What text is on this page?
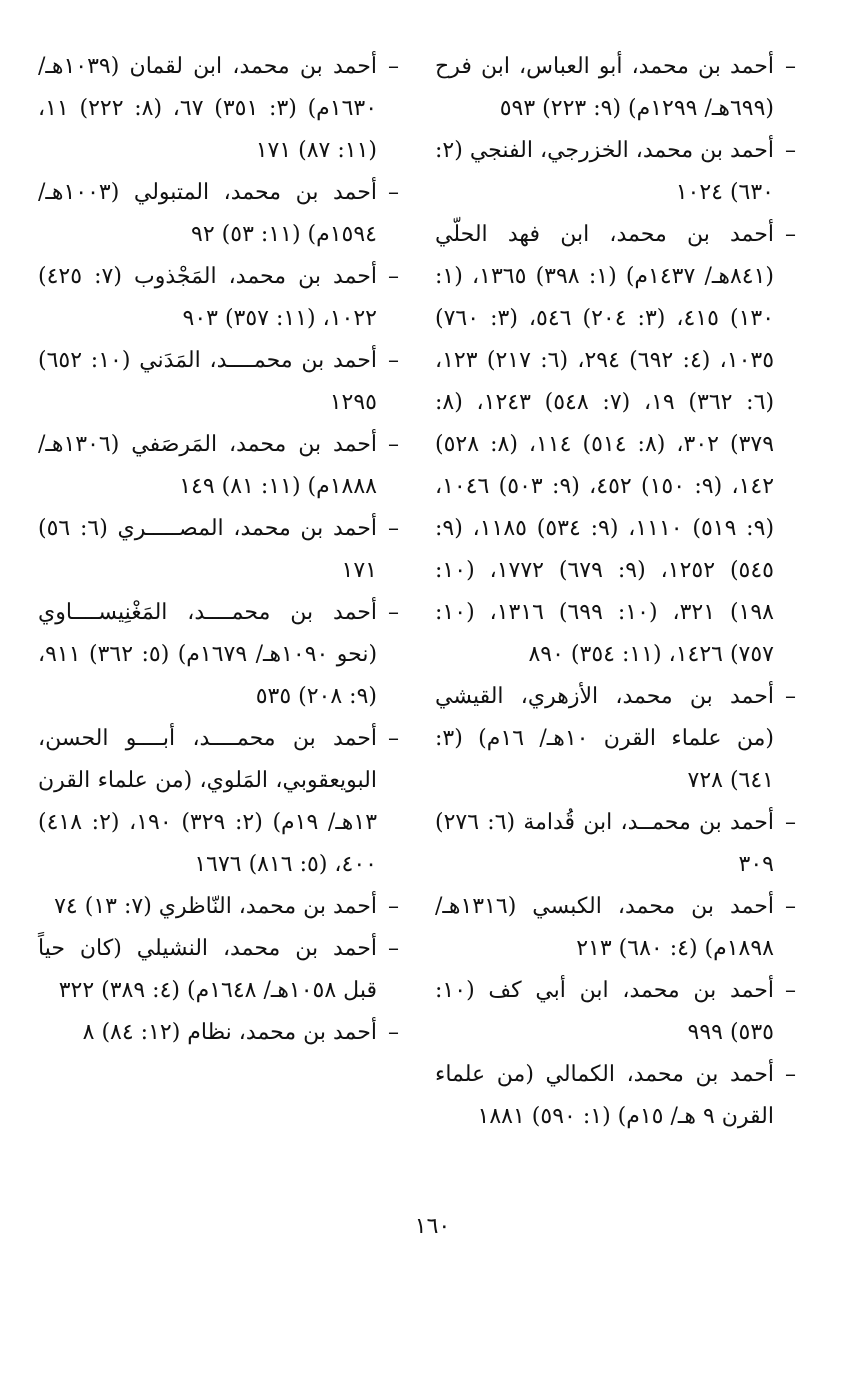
–
أحمد بن محمد، أبو العباس، ابن فرح (٦٩٩هـ/ ١٢٩٩م) (٩: ٢٢٣) ٥٩٣

–
أحمد بن محمد، الخزرجي، الفنجي (٢: ٦٣٠) ١٠٢٤

–
أحمد بن محمد، ابن فهد الحلّي (٨٤١هـ/ ١٤٣٧م) (١: ٣٩٨) ١٣٦٥، (١: ١٣٠) ٤١٥، (٣: ٢٠٤) ٥٤٦، (٣: ٧٦٠) ١٠٣٥، (٤: ٦٩٢) ٢٩٤، (٦: ٢١٧) ١٢٣، (٦: ٣٦٢) ١٩، (٧: ٥٤٨) ١٢٤٣، (٨: ٣٧٩) ٣٠٢، (٨: ٥١٤) ١١٤، (٨: ٥٢٨) ١٤٢، (٩: ١٥٠) ٤٥٢، (٩: ٥٠٣) ١٠٤٦، (٩: ٥١٩) ١١١٠، (٩: ٥٣٤) ١١٨٥، (٩: ٥٤٥) ١٢٥٢، (٩: ٦٧٩) ١٧٧٢، (١٠: ١٩٨) ٣٢١، (١٠: ٦٩٩) ١٣١٦، (١٠: ٧٥٧) ١٤٢٦، (١١: ٣٥٤) ٨٩٠

–
أحمد بن محمد، الأزهري، القيشي (من علماء القرن ١٠هـ/ ١٦م) (٣: ٦٤١) ٧٢٨

–
أحمد بن محمــد، ابن قُدامة (٦: ٢٧٦) ٣٠٩

–
أحمد بن محمد، الكبسي (١٣١٦هـ/ ١٨٩٨م) (٤: ٦٨٠) ٢١٣

–
أحمد بن محمد، ابن أبي كف (١٠: ٥٣٥) ٩٩٩

–
أحمد بن محمد، الكمالي (من علماء القرن ٩ هـ/ ١٥م) (١: ٥٩٠) ١٨٨١

–
أحمد بن محمد، ابن لقمان (١٠٣٩هـ/ ١٦٣٠م) (٣: ٣٥١) ٦٧، (٨: ٢٢٢) ١١، (١١: ٨٧) ١٧١

–
أحمد بن محمد، المتبولي (١٠٠٣هـ/ ١٥٩٤م) (١١: ٥٣) ٩٢

–
أحمد بن محمد، المَجْذوب (٧: ٤٢٥) ١٠٢٢، (١١: ٣٥٧) ٩٠٣

–
أحمد بن محمــــد، المَدَني (١٠: ٦٥٢) ١٢٩٥

–
أحمد بن محمد، المَرصَفي (١٣٠٦هـ/ ١٨٨٨م) (١١: ٨١) ١٤٩

–
أحمد بن محمد، المصـــــري (٦: ٥٦) ١٧١

–
أحمد بن محمــــد، المَغْنِيســــاوي (نحو ١٠٩٠هـ/ ١٦٧٩م) (٥: ٣٦٢) ٩١١، (٩: ٢٠٨) ٥٣٥

–
أحمد بن محمــــد، أبــــو الحسن، البويعقوبي، المَلوي، (من علماء القرن ١٣هـ/ ١٩م) (٢: ٣٢٩) ١٩٠، (٢: ٤١٨) ٤٠٠، (٥: ٨١٦) ١٦٧٦

–
أحمد بن محمد، النّاظري (٧: ١٣) ٧٤

–
أحمد بن محمد، النشيلي (كان حياً قبل ١٠٥٨هـ/ ١٦٤٨م) (٤: ٣٨٩) ٣٢٢

–
أحمد بن محمد، نظام (١٢: ٨٤) ٨

١٦٠
